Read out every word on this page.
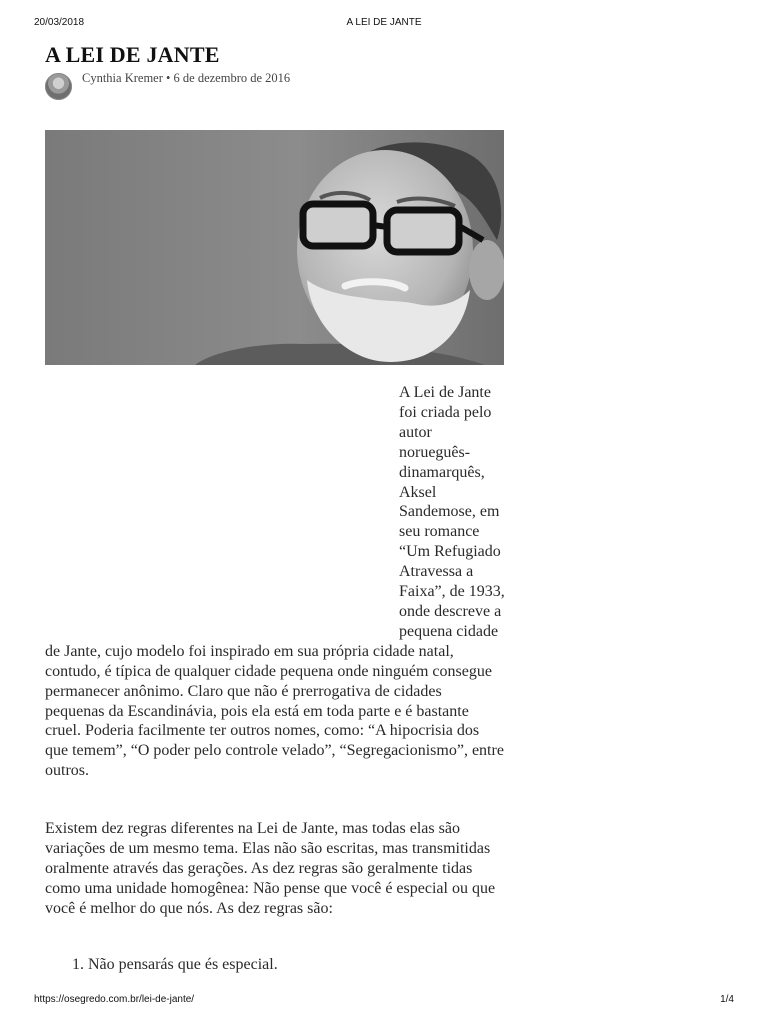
20/03/2018	A LEI DE JANTE
A LEI DE JANTE
Cynthia Kremer • 6 de dezembro de 2016

A Lei de Jante foi criada pelo autor norueguês-dinamarquês, Aksel Sandemose, em seu romance “Um Refugiado Atravessa a Faixa”, de 1933, onde descreve a pequena cidade de Jante, cujo modelo foi inspirado em sua própria cidade natal, contudo, é típica de qualquer cidade pequena onde ninguém consegue permanecer anônimo. Claro que não é prerrogativa de cidades pequenas da Escandinávia, pois ela está em toda parte e é bastante cruel. Poderia facilmente ter outros nomes, como: “A hipocrisia dos que temem”, “O poder pelo controle velado”, “Segregacionismo”, entre outros.

Existem dez regras diferentes na Lei de Jante, mas todas elas são variações de um mesmo tema. Elas não são escritas, mas transmitidas oralmente através das gerações. As dez regras são geralmente tidas como uma unidade homogênea: Não pense que você é especial ou que você é melhor do que nós. As dez regras são:

1. Não pensarás que és especial.
https://osegredo.com.br/lei-de-jante/	1/4
